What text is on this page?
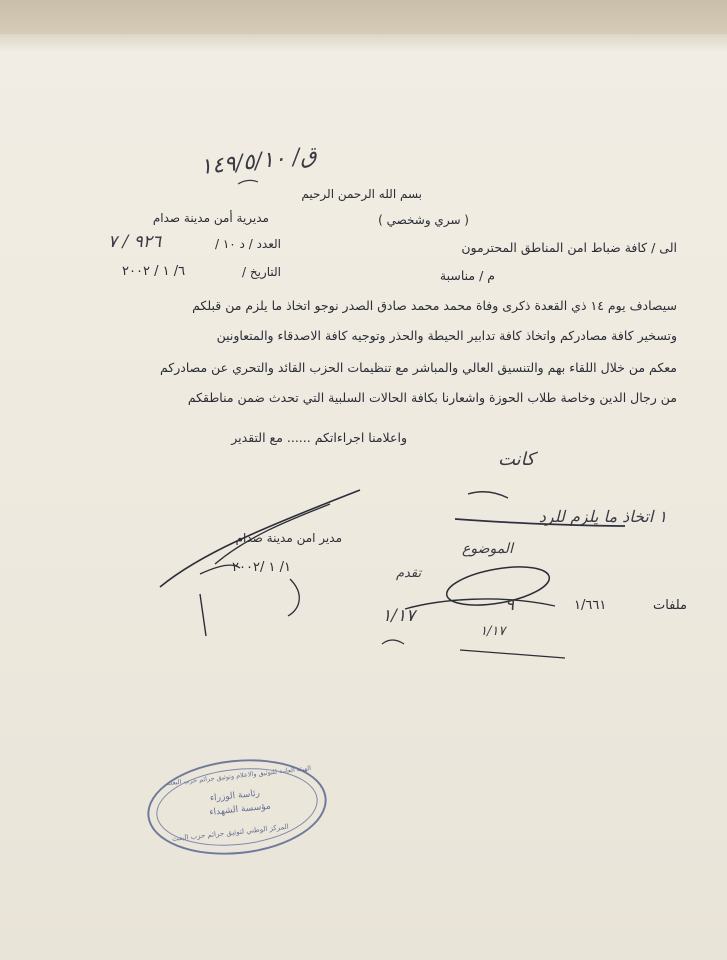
ق/ ١٤٩/٥/١٠
بسم الله الرحمن الرحيم
( سري وشخصي )
مديرية أمن مدينة صدام
العدد / د ١٠ /
٩٢٦ / ٧
التاريخ /
٦/ ١ / ٢٠٠٢
الى / كافة ضباط امن المناطق المحترمون
م / مناسبة
سيصادف يوم ١٤ ذي القعدة ذكرى وفاة محمد محمد صادق الصدر نوجو اتخاذ ما يلزم من قبلكم
وتسخير كافة مصادركم واتخاذ كافة تدابير الحيطة والحذر وتوجيه كافة الاصدقاء والمتعاونين
معكم من خلال اللقاء بهم والتنسيق العالي والمباشر مع تنظيمات الحزب القائد والتحري عن مصادركم
من رجال الدين وخاصة طلاب الحوزة واشعارنا بكافة الحالات السلبية التي تحدث ضمن مناطقكم
واعلامنا اجراءاتكم ...... مع التقدير
كانت
١ اتخاذ ما يلزم للرد
الموضوع
تقدم
١/١٧
٩
١/١٧
ملفات
١/٦٦١
مدير امن مدينة صدام
١/ ١ /٢٠٠٢
الهيئة العامة للتوثيق والاعلام وتوثيق جرائم حزب البعث
رئاسة الوزراء
مؤسسة الشهداء
المركز الوطني لتوثيق جرائم حزب البعث
